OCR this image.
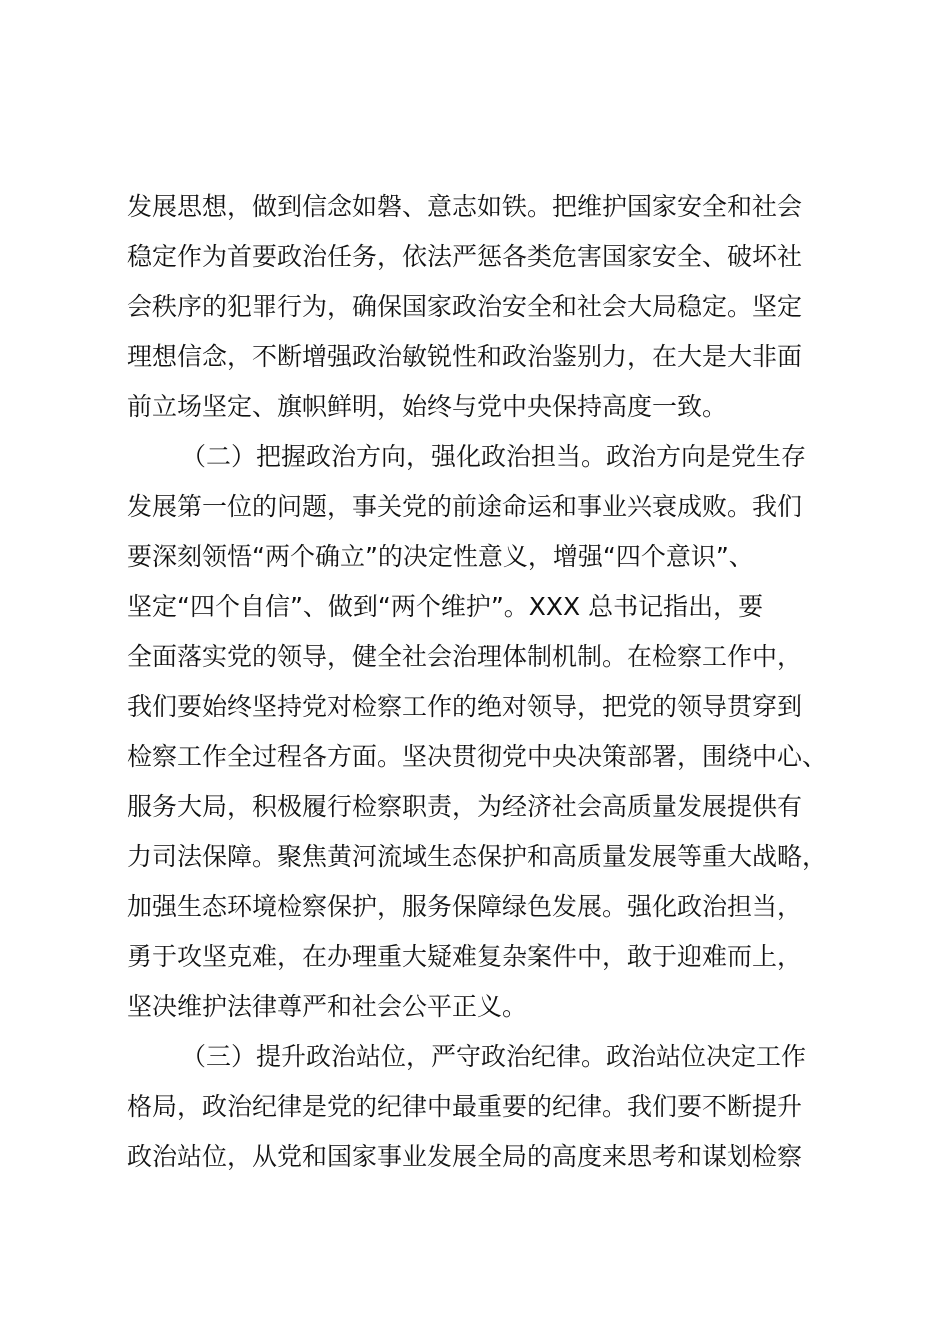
发展思想，做到信念如磐、意志如铁。把维护国家安全和社会
稳定作为首要政治任务，依法严惩各类危害国家安全、破坏社
会秩序的犯罪行为，确保国家政治安全和社会大局稳定。坚定
理想信念，不断增强政治敏锐性和政治鉴别力，在大是大非面
前立场坚定、旗帜鲜明，始终与党中央保持高度一致。
（二）把握政治方向，强化政治担当。政治方向是党生存
发展第一位的问题，事关党的前途命运和事业兴衰成败。我们
要深刻领悟“两个确立”的决定性意义，增强“四个意识”、
坚定“四个自信”、做到“两个维护”。XXX 总书记指出，要
全面落实党的领导，健全社会治理体制机制。在检察工作中，
我们要始终坚持党对检察工作的绝对领导，把党的领导贯穿到
检察工作全过程各方面。坚决贯彻党中央决策部署，围绕中心、
服务大局，积极履行检察职责，为经济社会高质量发展提供有
力司法保障。聚焦黄河流域生态保护和高质量发展等重大战略，
加强生态环境检察保护，服务保障绿色发展。强化政治担当，
勇于攻坚克难，在办理重大疑难复杂案件中，敢于迎难而上，
坚决维护法律尊严和社会公平正义。
（三）提升政治站位，严守政治纪律。政治站位决定工作
格局，政治纪律是党的纪律中最重要的纪律。我们要不断提升
政治站位，从党和国家事业发展全局的高度来思考和谋划检察
